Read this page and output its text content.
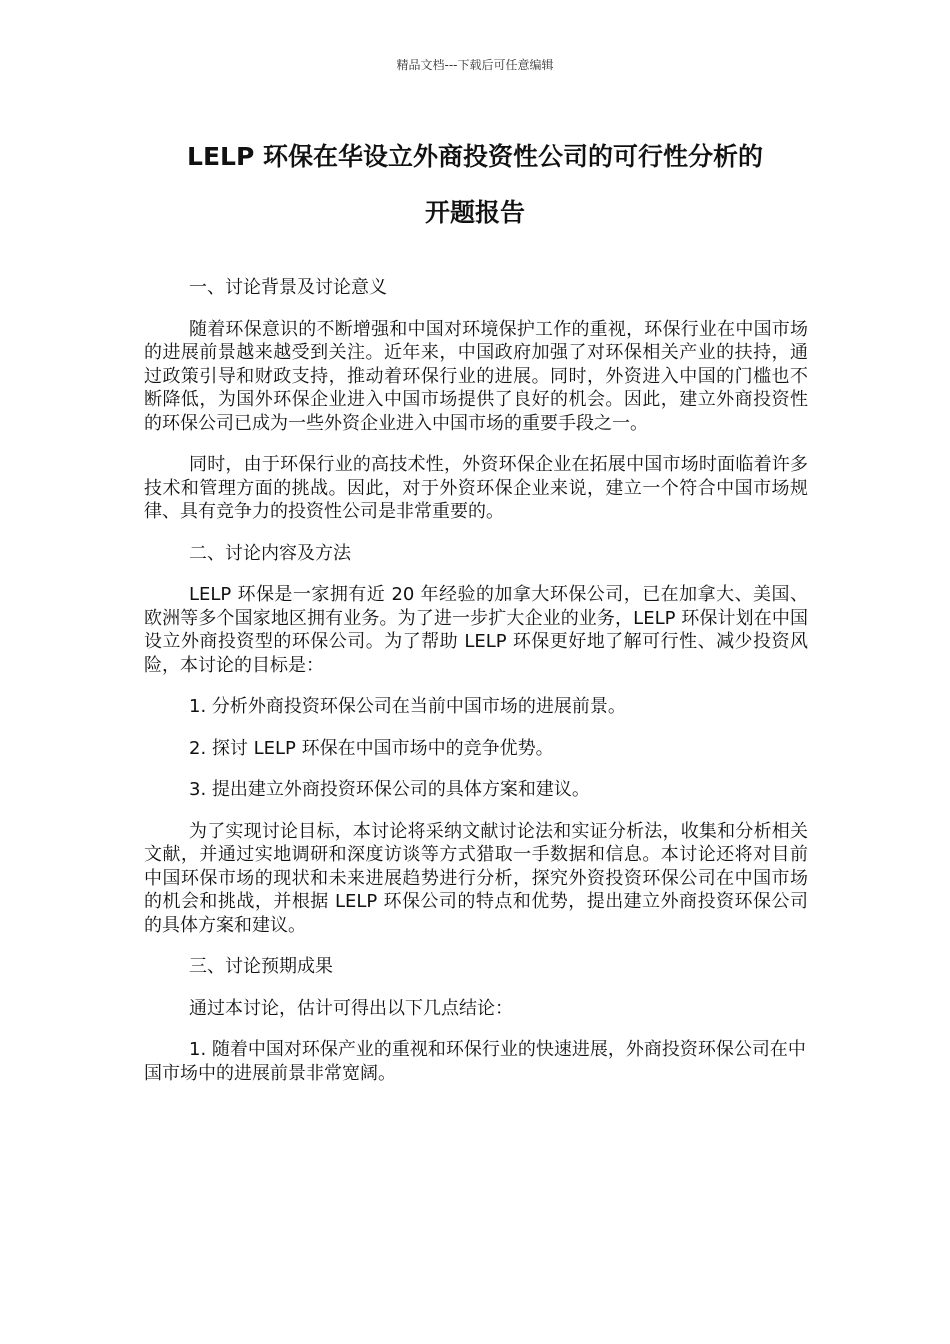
精品文档---下载后可任意编辑
LELP 环保在华设立外商投资性公司的可行性分析的
开题报告

一、讨论背景及讨论意义

随着环保意识的不断增强和中国对环境保护工作的重视，环保行业在中国市场的进展前景越来越受到关注。近年来，中国政府加强了对环保相关产业的扶持，通过政策引导和财政支持，推动着环保行业的进展。同时，外资进入中国的门槛也不断降低，为国外环保企业进入中国市场提供了良好的机会。因此，建立外商投资性的环保公司已成为一些外资企业进入中国市场的重要手段之一。

同时，由于环保行业的高技术性，外资环保企业在拓展中国市场时面临着许多技术和管理方面的挑战。因此，对于外资环保企业来说，建立一个符合中国市场规律、具有竞争力的投资性公司是非常重要的。

二、讨论内容及方法

LELP 环保是一家拥有近 20 年经验的加拿大环保公司，已在加拿大、美国、欧洲等多个国家地区拥有业务。为了进一步扩大企业的业务，LELP 环保计划在中国设立外商投资型的环保公司。为了帮助 LELP 环保更好地了解可行性、减少投资风险，本讨论的目标是：

1. 分析外商投资环保公司在当前中国市场的进展前景。

2. 探讨 LELP 环保在中国市场中的竞争优势。

3. 提出建立外商投资环保公司的具体方案和建议。

为了实现讨论目标，本讨论将采纳文献讨论法和实证分析法，收集和分析相关文献，并通过实地调研和深度访谈等方式猎取一手数据和信息。本讨论还将对目前中国环保市场的现状和未来进展趋势进行分析，探究外资投资环保公司在中国市场的机会和挑战，并根据 LELP 环保公司的特点和优势，提出建立外商投资环保公司的具体方案和建议。

三、讨论预期成果

通过本讨论，估计可得出以下几点结论：

1. 随着中国对环保产业的重视和环保行业的快速进展，外商投资环保公司在中国市场中的进展前景非常宽阔。
